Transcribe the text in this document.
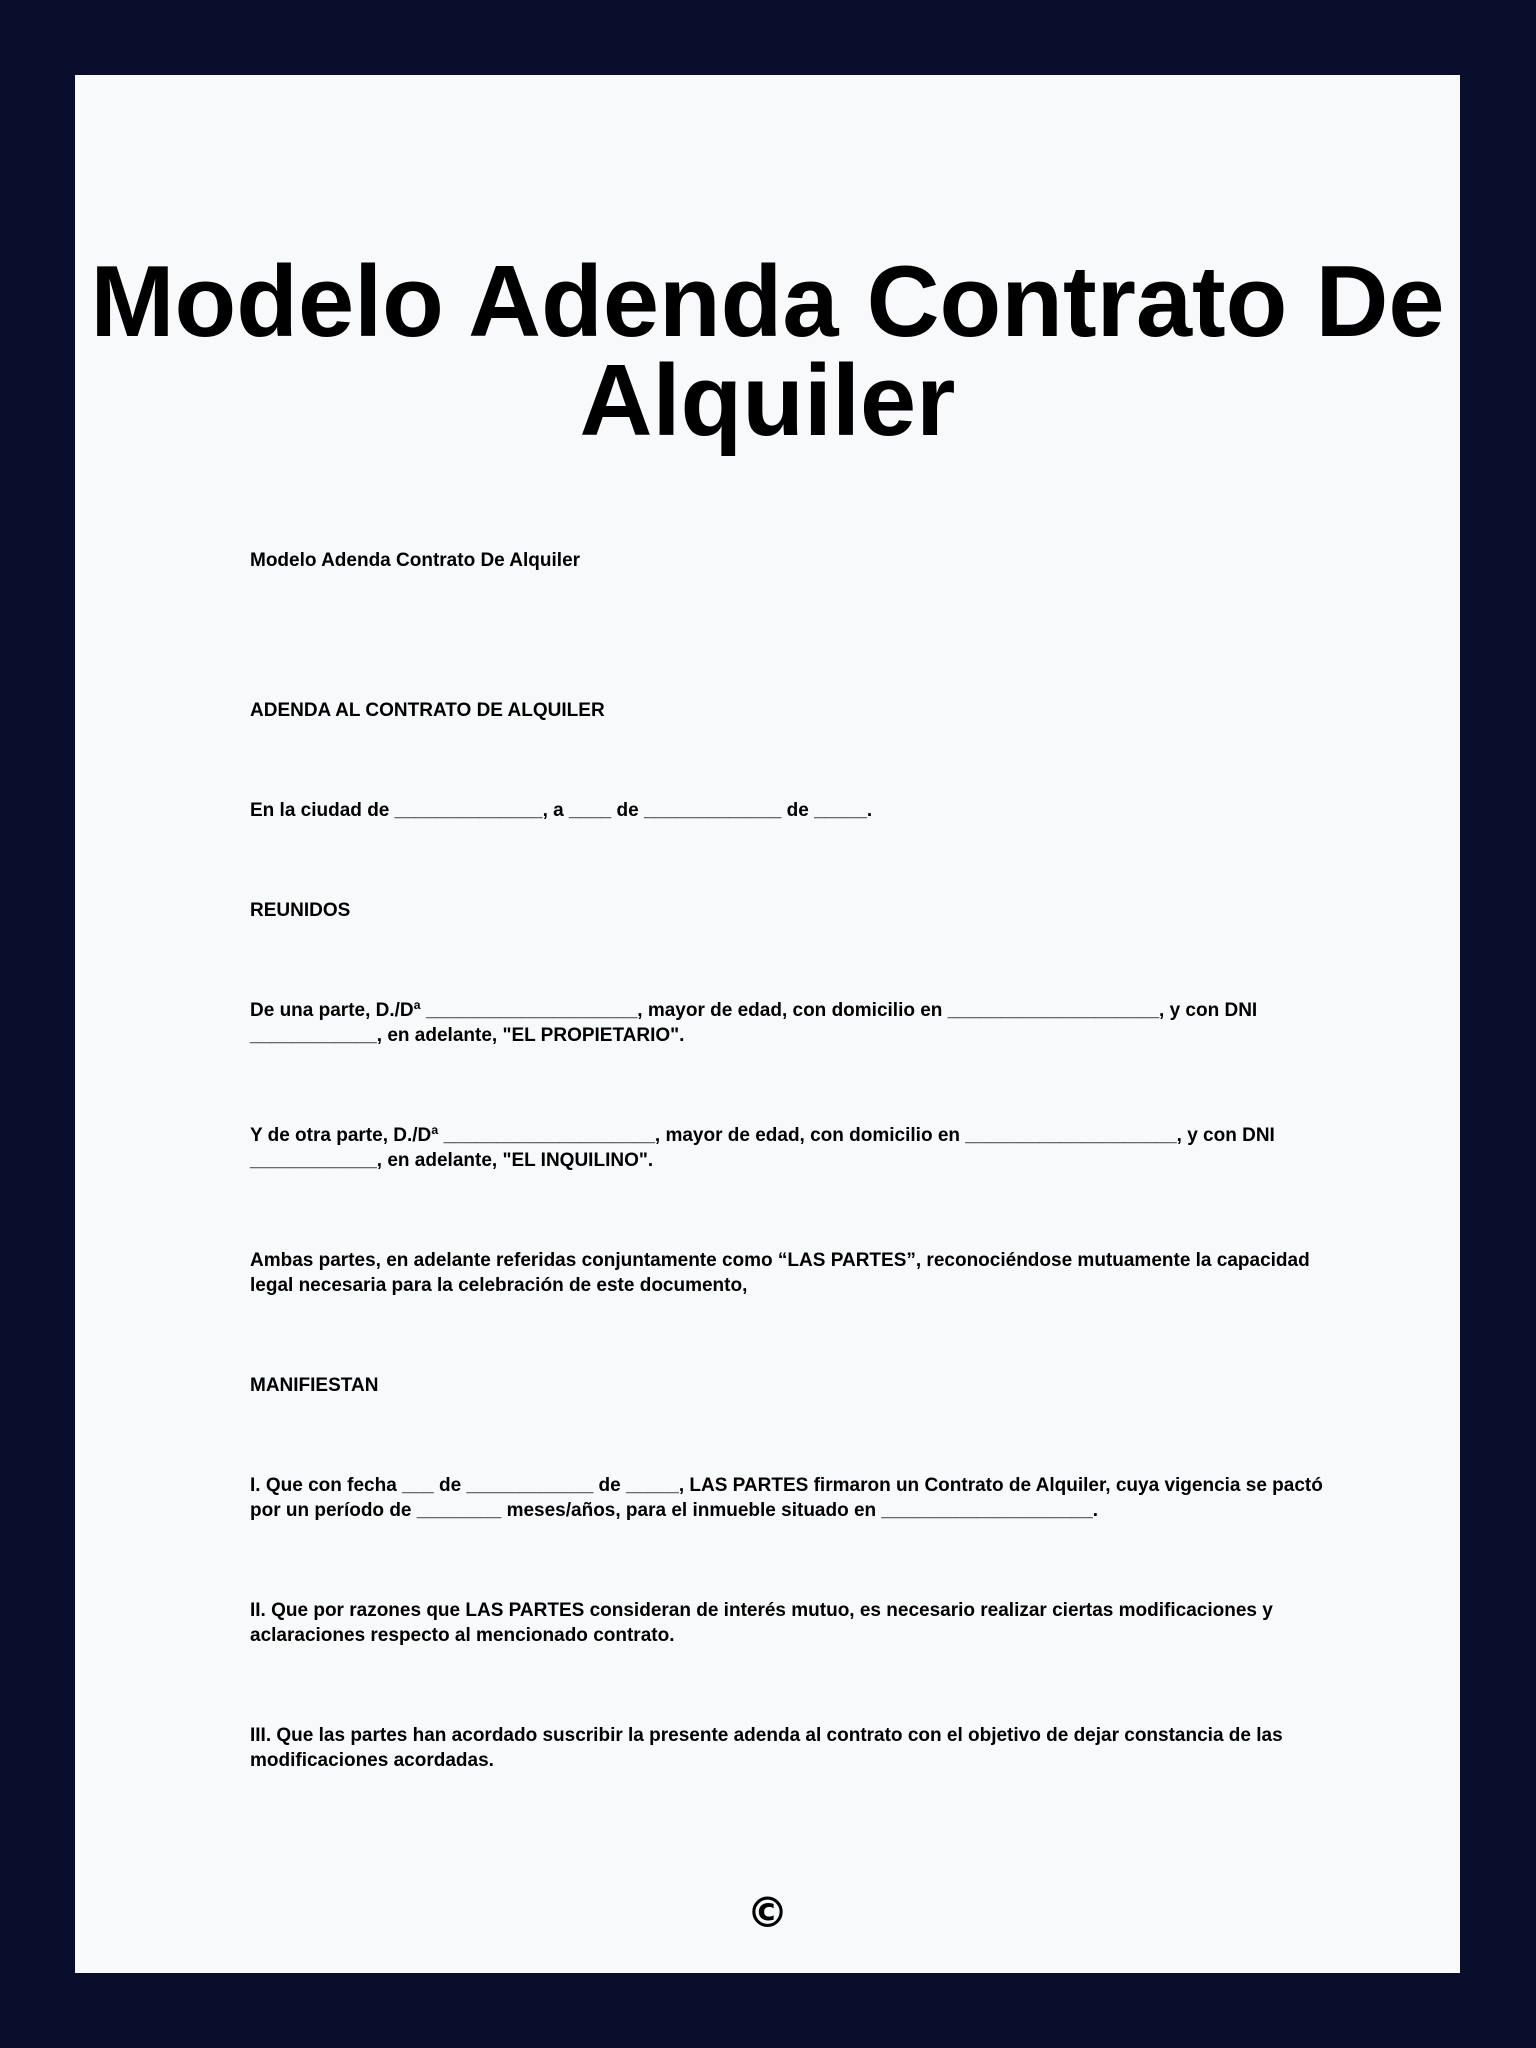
Modelo Adenda Contrato De Alquiler

Modelo Adenda Contrato De Alquiler

ADENDA AL CONTRATO DE ALQUILER

En la ciudad de ______________, a ____ de _____________ de _____.

REUNIDOS

De una parte, D./Dª ____________________, mayor de edad, con domicilio en ____________________, y con DNI ____________, en adelante, "EL PROPIETARIO".

Y de otra parte, D./Dª ____________________, mayor de edad, con domicilio en ____________________, y con DNI ____________, en adelante, "EL INQUILINO".

Ambas partes, en adelante referidas conjuntamente como “LAS PARTES”, reconociéndose mutuamente la capacidad legal necesaria para la celebración de este documento,

MANIFIESTAN

I. Que con fecha ___ de ____________ de _____, LAS PARTES firmaron un Contrato de Alquiler, cuya vigencia se pactó por un período de ________ meses/años, para el inmueble situado en ____________________.

II. Que por razones que LAS PARTES consideran de interés mutuo, es necesario realizar ciertas modificaciones y aclaraciones respecto al mencionado contrato.

III. Que las partes han acordado suscribir la presente adenda al contrato con el objetivo de dejar constancia de las modificaciones acordadas.

©
